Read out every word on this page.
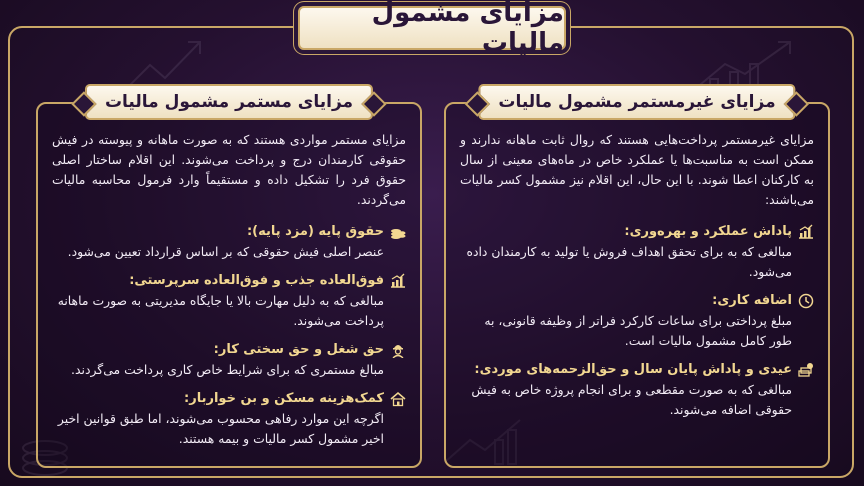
مزایای مشمول مالیات
مزایای غیرمستمر مشمول مالیات

مزایای غیرمستمر پرداخت‌هایی هستند که روال ثابت ماهانه ندارند و ممکن است به مناسبت‌ها یا عملکرد خاص در ماه‌های معینی از سال به کارکنان اعطا شوند. با این حال، این اقلام نیز مشمول کسر مالیات می‌باشند:

پاداش عملکرد و بهره‌وری:
مبالغی که به برای تحقق اهداف فروش یا تولید به کارمندان داده می‌شود.
اضافه کاری:
مبلغ پرداختی برای ساعات کارکرد فراتر از وظیفه قانونی، به طور کامل مشمول مالیات است.
عیدی و پاداش پایان سال و حق‌الزحمه‌های موردی:
مبالغی که به صورت مقطعی و برای انجام پروژه خاص به فیش حقوقی اضافه می‌شوند.
مزایای مستمر مشمول مالیات

مزایای مستمر مواردی هستند که به صورت ماهانه و پیوسته در فیش حقوقی کارمندان درج و پرداخت می‌شوند. این اقلام ساختار اصلی حقوق فرد را تشکیل داده و مستقیماً وارد فرمول محاسبه مالیات می‌گردند.

حقوق پایه (مزد پایه):
عنصر اصلی فیش حقوقی که بر اساس قرارداد تعیین می‌شود.
فوق‌العاده جذب و فوق‌العاده سرپرستی:
مبالغی که به دلیل مهارت بالا یا جایگاه مدیریتی به صورت ماهانه پرداخت می‌شوند.
حق شغل و حق سختی کار:
مبالغ مستمری که برای شرایط خاص کاری پرداخت می‌گردند.
کمک‌هزینه مسکن و بن خواربار:
اگرچه این موارد رفاهی محسوب می‌شوند، اما طبق قوانین اخیر اخیر مشمول کسر مالیات و بیمه هستند.
